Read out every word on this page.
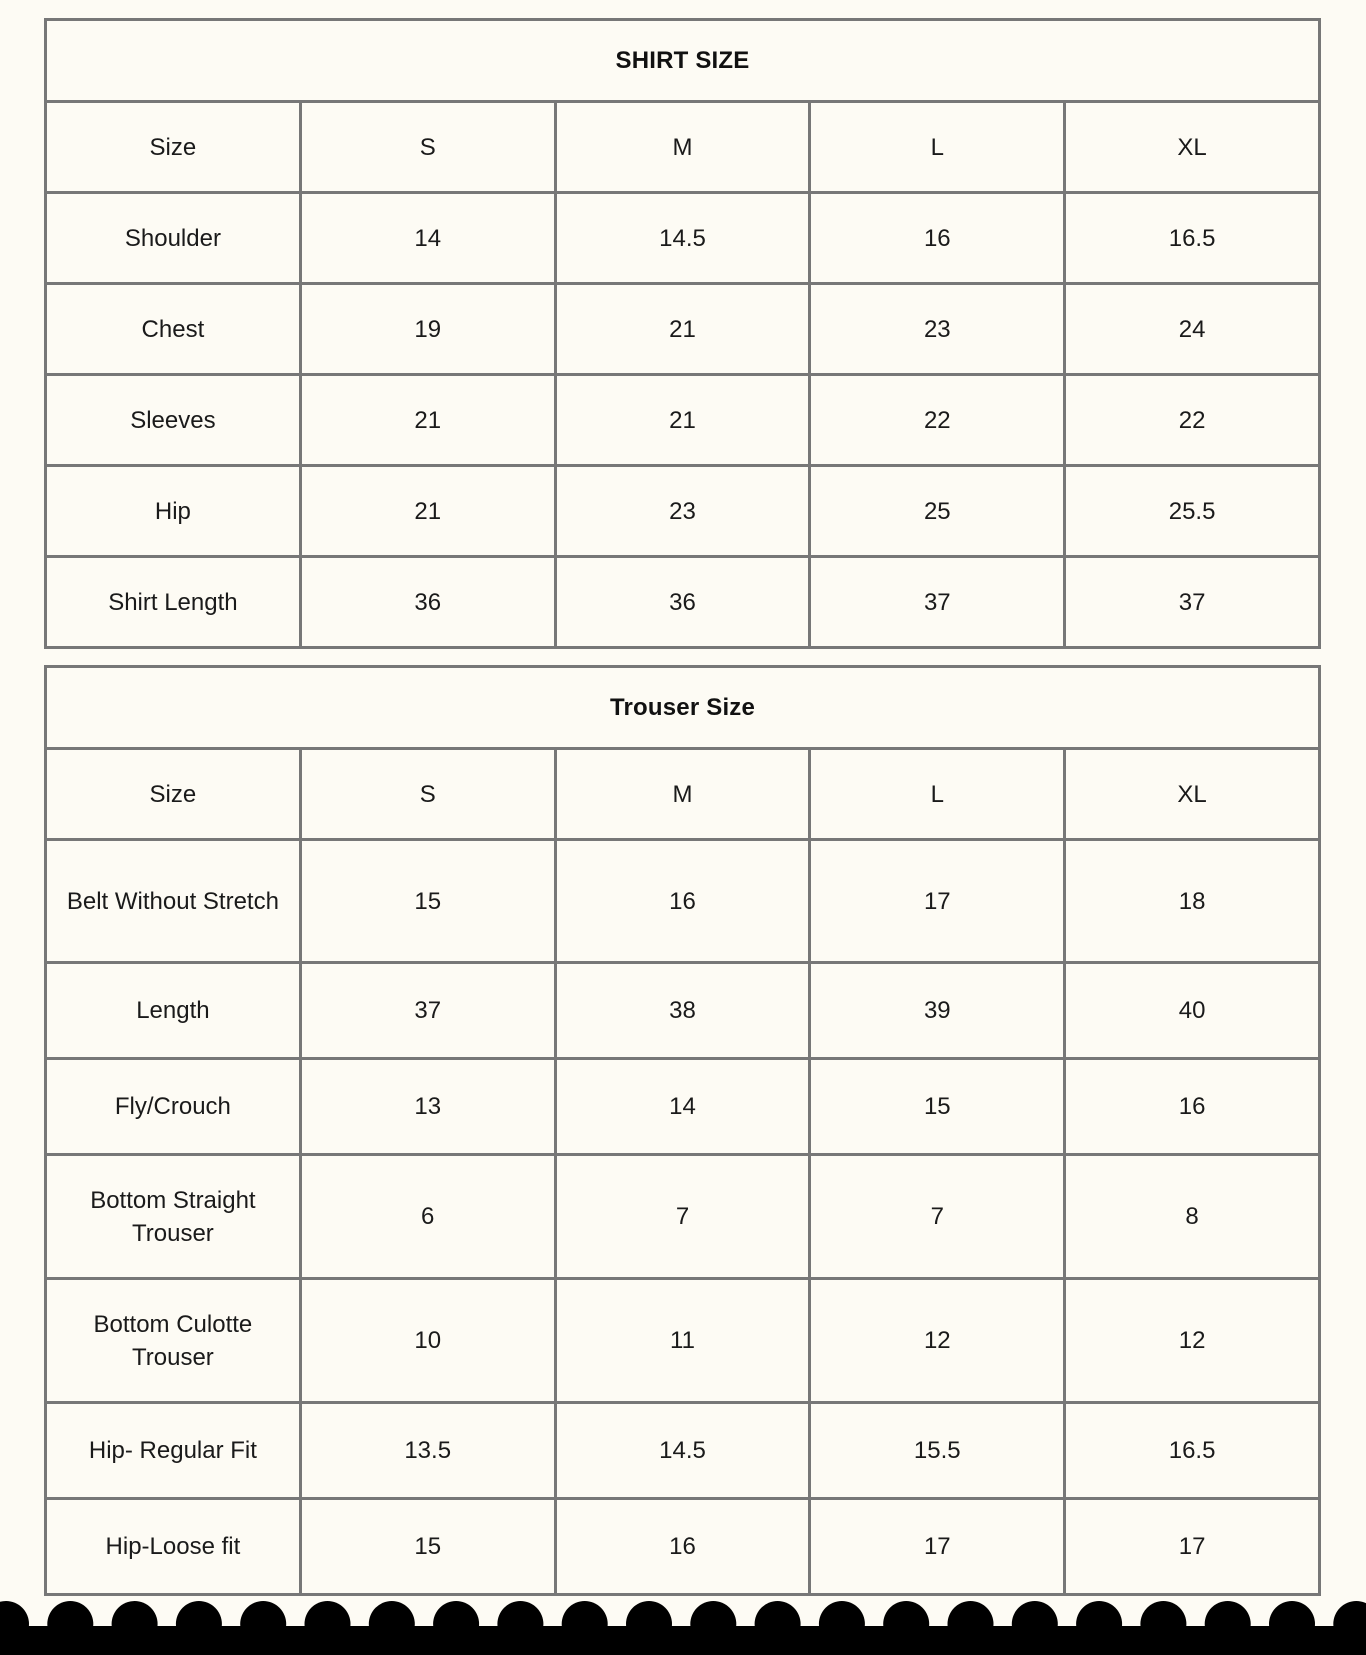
SHIRT SIZE				
Size	S	M	L	XL
Shoulder	14	14.5	16	16.5
Chest	19	21	23	24
Sleeves	21	21	22	22
Hip	21	23	25	25.5
Shirt Length	36	36	37	37
Trouser Size				
Size	S	M	L	XL
Belt Without Stretch	15	16	17	18
Length	37	38	39	40
Fly/Crouch	13	14	15	16
Bottom Straight Trouser	6	7	7	8
Bottom Culotte Trouser	10	11	12	12
Hip- Regular Fit	13.5	14.5	15.5	16.5
Hip-Loose fit	15	16	17	17
